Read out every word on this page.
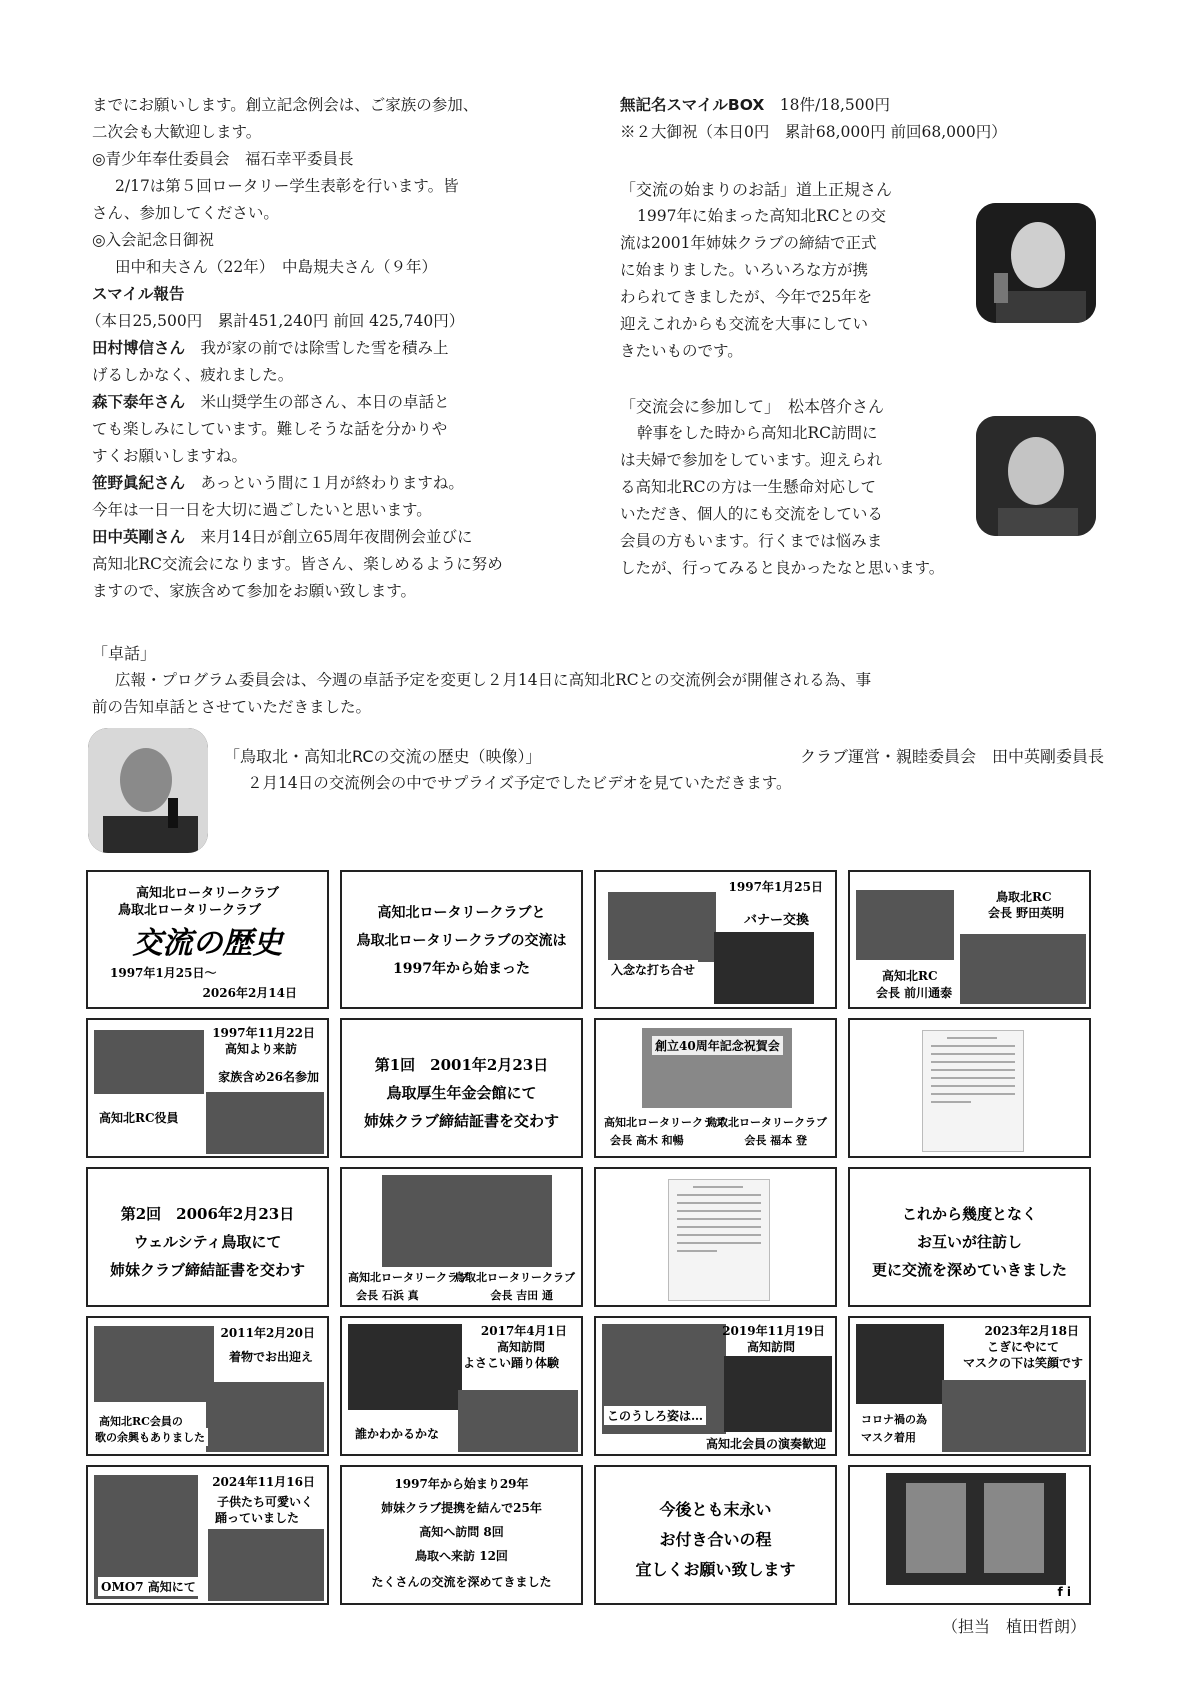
までにお願いします。創立記念例会は、ご家族の参加、

二次会も大歓迎します。

◎青少年奉仕委員会　福石幸平委員長

2/17は第５回ロータリー学生表彰を行います。皆

さん、参加してください。

◎入会記念日御祝

田中和夫さん（22年）　中島規夫さん（９年）

スマイル報告

（本日25,500円　累計451,240円 前回 425,740円）

田村博信さん　我が家の前では除雪した雪を積み上

げるしかなく、疲れました。

森下泰年さん　米山奨学生の部さん、本日の卓話と

ても楽しみにしています。難しそうな話を分かりや

すくお願いしますね。

笹野眞紀さん　あっという間に１月が終わりますね。

今年は一日一日を大切に過ごしたいと思います。

田中英剛さん　来月14日が創立65周年夜間例会並びに

高知北RC交流会になります。皆さん、楽しめるように努め

ますので、家族含めて参加をお願い致します。

無記名スマイルBOX　 18件/18,500円

※２大御祝（本日0円　累計68,000円 前回68,000円）

「交流の始まりのお話」道上正規さん

1997年に始まった高知北RCとの交

流は2001年姉妹クラブの締結で正式

に始まりました。いろいろな方が携

わられてきましたが、今年で25年を

迎えこれからも交流を大事にしてい

きたいものです。

「交流会に参加して」　松本啓介さん

幹事をした時から高知北RC訪問に

は夫婦で参加をしています。迎えられ

る高知北RCの方は一生懸命対応して

いただき、個人的にも交流をしている

会員の方もいます。行くまでは悩みま

したが、行ってみると良かったなと思います。

「卓話」

広報・プログラム委員会は、今週の卓話予定を変更し２月14日に高知北RCとの交流例会が開催される為、事

前の告知卓話とさせていただきました。

「鳥取北・高知北RCの交流の歴史（映像）」	クラブ運営・親睦委員会　田中英剛委員長

２月14日の交流例会の中でサプライズ予定でしたビデオを見ていただきます。

高知北ロータリークラブ
鳥取北ロータリークラブ
交流の歴史
1997年1月25日～
2026年2月14日
高知北ロータリークラブと
鳥取北ロータリークラブの交流は
1997年から始まった
1997年1月25日
バナー交換
入念な打ち合せ
鳥取北RC
会長 野田英明
高知北RC
会長 前川通泰
1997年11月22日
高知より来訪
家族含め26名参加
高知北RC役員
第1回　2001年2月23日
鳥取厚生年金会館にて
姉妹クラブ締結証書を交わす
創立40周年記念祝賀会
高知北ロータリークラブ
会長 高木 和暢
鳥取北ロータリークラブ
会長 福本 登
第2回　2006年2月23日
ウェルシティ鳥取にて
姉妹クラブ締結証書を交わす	高知北ロータリークラブ
会長 石浜 真
鳥取北ロータリークラブ
会長 吉田 通
これから幾度となく
お互いが往訪し
更に交流を深めていきました
2011年2月20日
着物でお出迎え
高知北RC会員の
歌の余興もありました
2017年4月1日
高知訪問
よさこい踊り体験
誰かわかるかな
2019年11月19日
高知訪問
このうしろ姿は…
高知北会員の演奏歓迎
2023年2月18日
こぎにやにて
マスクの下は笑顔です
コロナ禍の為
マスク着用
2024年11月16日
子供たち可愛いく
踊っていました
OMO7 高知にて
1997年から始まり29年
姉妹クラブ提携を結んで25年
高知へ訪問 8回
鳥取へ来訪 12回
たくさんの交流を深めてきました
今後とも末永い
お付き合いの程
宜しくお願い致します
f i
（担当　植田哲朗）
